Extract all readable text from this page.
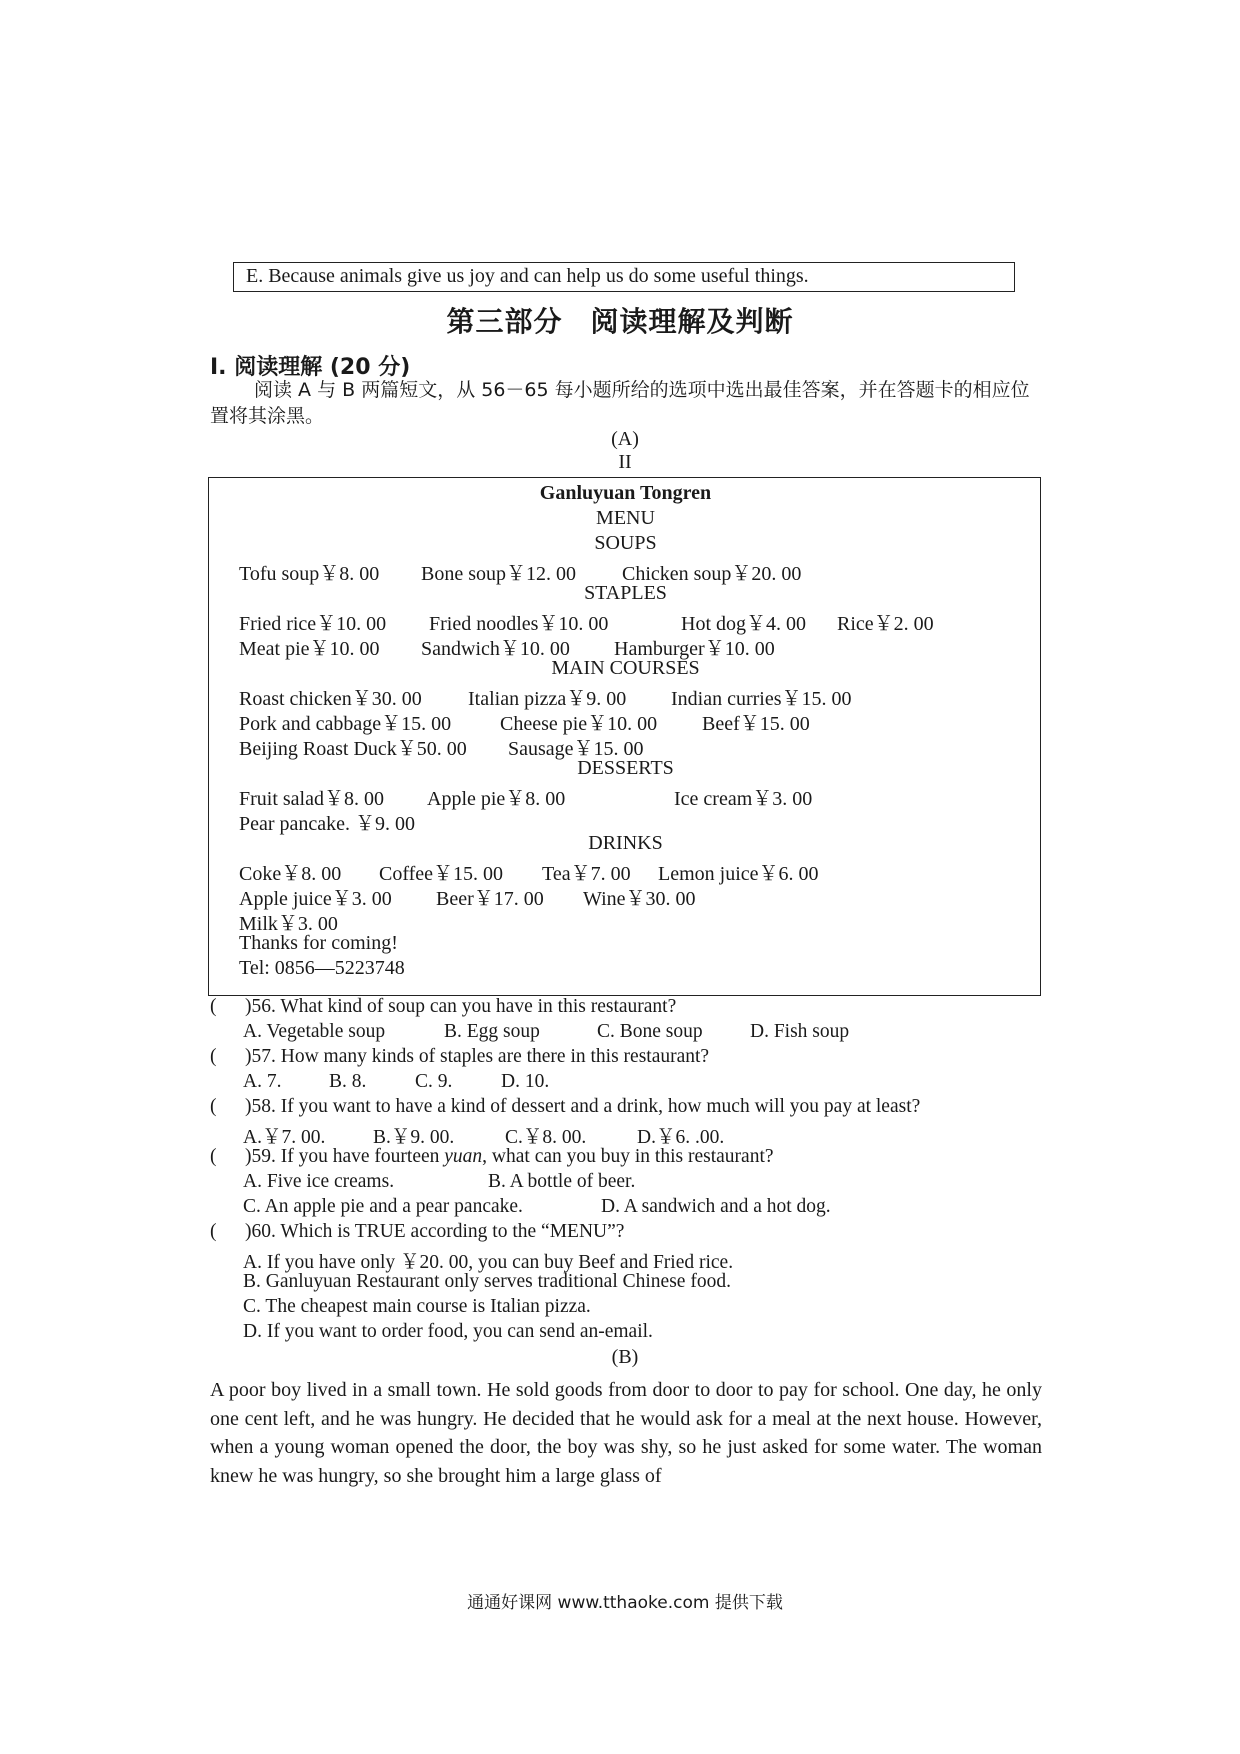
E. Because animals give us joy and can help us do some useful things.
第三部分 阅读理解及判断
I. 阅读理解 (20 分)
阅读 A 与 B 两篇短文，从 56－65 每小题所给的选项中选出最佳答案，并在答题卡的相应位置将其涂黑。
(A)
II
Ganluyuan Tongren
MENU
SOUPS
Tofu soup￥8. 00 Bone soup￥12. 00 Chicken soup￥20. 00
STAPLES
Fried rice￥10. 00 Fried noodles￥10. 00	Hot dog￥4. 00 Rice￥2. 00
Meat pie￥10. 00 Sandwich￥10. 00 Hamburger￥10. 00
MAIN COURSES
Roast chicken￥30. 00 Italian pizza￥9. 00 Indian curries￥15. 00
Pork and cabbage￥15. 00 Cheese pie￥10. 00 Beef￥15. 00
Beijing Roast Duck￥50. 00 Sausage￥15. 00
DESSERTS
Fruit salad￥8. 00 Apple pie￥8. 00	Ice cream￥3. 00
Pear pancake. ￥9. 00
DRINKS
Coke￥8. 00 Coffee￥15. 00 Tea￥7. 00 Lemon juice￥6. 00
Apple juice￥3. 00 Beer￥17. 00 Wine￥30. 00
Milk￥3. 00
Thanks for coming!
Tel: 0856—5223748
( )56. What kind of soup can you have in this restaurant?
A. Vegetable soup	B. Egg soup	C. Bone soup D. Fish soup
( )57. How many kinds of staples are there in this restaurant?
A. 7. B. 8. C. 9. D. 10.
( )58. If you want to have a kind of dessert and a drink, how much will you pay at least?
A.￥7. 00. B.￥9. 00.	C.￥8. 00.	D.￥6. .00.
( )59. If you have fourteen yuan, what can you buy in this restaurant?
A. Five ice creams.	B. A bottle of beer.
C. An apple pie and a pear pancake.	D. A sandwich and a hot dog.
( )60. Which is TRUE according to the “MENU”?
A. If you have only ￥20. 00, you can buy Beef and Fried rice.
B. Ganluyuan Restaurant only serves traditional Chinese food.
C. The cheapest main course is Italian pizza.
D. If you want to order food, you can send an-email.
(B)
A poor boy lived in a small town. He sold goods from door to door to pay for school. One day, he only one cent left, and he was hungry. He decided that he would ask for a meal at the next house. However, when a young woman opened the door, the boy was shy, so he just asked for some water. The woman knew he was hungry, so she brought him a large glass of
通通好课网 www.tthaoke.com 提供下载
